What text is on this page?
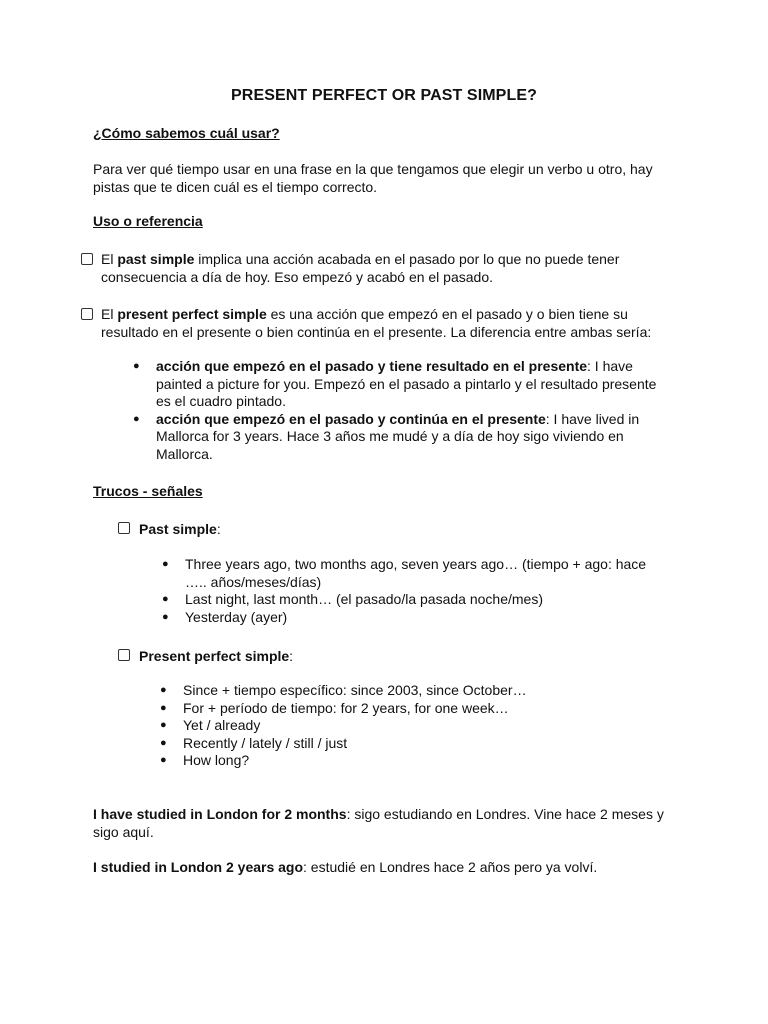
PRESENT PERFECT OR PAST SIMPLE?
¿Cómo sabemos cuál usar?
Para ver qué tiempo usar en una frase en la que tengamos que elegir un verbo u otro, hay pistas que te dicen cuál es el tiempo correcto.
Uso o referencia
El past simple implica una acción acabada en el pasado por lo que no puede tener consecuencia a día de hoy. Eso empezó y acabó en el pasado.
El present perfect simple es una acción que empezó en el pasado y o bien tiene su resultado en el presente o bien continúa en el presente. La diferencia entre ambas sería:
● acción que empezó en el pasado y tiene resultado en el presente: I have painted a picture for you. Empezó en el pasado a pintarlo y el resultado presente es el cuadro pintado.
● acción que empezó en el pasado y continúa en el presente: I have lived in Mallorca for 3 years. Hace 3 años me mudé y a día de hoy sigo viviendo en Mallorca.
Trucos - señales
Past simple:
● Three years ago, two months ago, seven years ago… (tiempo + ago: hace ….. años/meses/días)
● Last night, last month… (el pasado/la pasada noche/mes)
● Yesterday (ayer)
Present perfect simple:
● Since + tiempo específico: since 2003, since October…
● For + período de tiempo: for 2 years, for one week…
● Yet / already
● Recently / lately / still / just
● How long?
I have studied in London for 2 months: sigo estudiando en Londres. Vine hace 2 meses y sigo aquí.
I studied in London 2 years ago: estudié en Londres hace 2 años pero ya volví.
